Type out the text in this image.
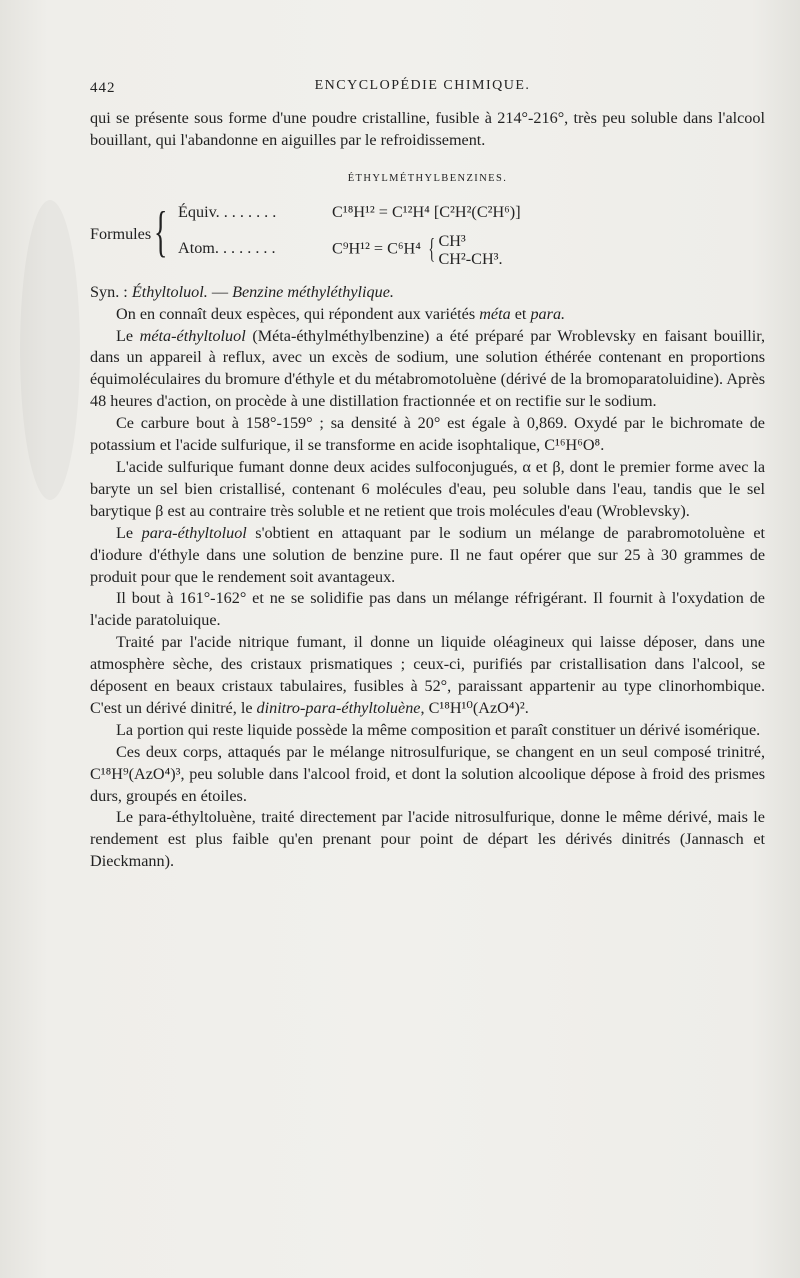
442	ENCYCLOPÉDIE CHIMIQUE.

qui se présente sous forme d'une poudre cristalline, fusible à 214°-216°, très peu soluble dans l'alcool bouillant, qui l'abandonne en aiguilles par le refroidissement.

ÉTHYLMÉTHYLBENZINES.
Formules { Équiv. . . . . . . .	C¹⁸H¹² = C¹²H⁴ [C²H²(C²H⁶)]
Atom. . . . . . . .	C⁹H¹² = C⁶H⁴ { CH³
CH²-CH³.

Syn. : Éthyltoluol. — Benzine méthyléthylique.

On en connaît deux espèces, qui répondent aux variétés méta et para.

Le méta-éthyltoluol (Méta-éthylméthylbenzine) a été préparé par Wroblevsky en faisant bouillir, dans un appareil à reflux, avec un excès de sodium, une solution éthérée contenant en proportions équimoléculaires du bromure d'éthyle et du métabromotoluène (dérivé de la bromoparatoluidine). Après 48 heures d'action, on procède à une distillation fractionnée et on rectifie sur le sodium.

Ce carbure bout à 158°-159° ; sa densité à 20° est égale à 0,869. Oxydé par le bichromate de potassium et l'acide sulfurique, il se transforme en acide isophtalique, C¹⁶H⁶O⁸.

L'acide sulfurique fumant donne deux acides sulfoconjugués, α et β, dont le premier forme avec la baryte un sel bien cristallisé, contenant 6 molécules d'eau, peu soluble dans l'eau, tandis que le sel barytique β est au contraire très soluble et ne retient que trois molécules d'eau (Wroblevsky).

Le para-éthyltoluol s'obtient en attaquant par le sodium un mélange de parabromotoluène et d'iodure d'éthyle dans une solution de benzine pure. Il ne faut opérer que sur 25 à 30 grammes de produit pour que le rendement soit avantageux.

Il bout à 161°-162° et ne se solidifie pas dans un mélange réfrigérant. Il fournit à l'oxydation de l'acide paratoluique.

Traité par l'acide nitrique fumant, il donne un liquide oléagineux qui laisse déposer, dans une atmosphère sèche, des cristaux prismatiques ; ceux-ci, purifiés par cristallisation dans l'alcool, se déposent en beaux cristaux tabulaires, fusibles à 52°, paraissant appartenir au type clinorhombique. C'est un dérivé dinitré, le dinitro-para-éthyltoluène, C¹⁸H¹⁰(AzO⁴)².

La portion qui reste liquide possède la même composition et paraît constituer un dérivé isomérique.

Ces deux corps, attaqués par le mélange nitrosulfurique, se changent en un seul composé trinitré, C¹⁸H⁹(AzO⁴)³, peu soluble dans l'alcool froid, et dont la solution alcoolique dépose à froid des prismes durs, groupés en étoiles.

Le para-éthyltoluène, traité directement par l'acide nitrosulfurique, donne le même dérivé, mais le rendement est plus faible qu'en prenant pour point de départ les dérivés dinitrés (Jannasch et Dieckmann).
